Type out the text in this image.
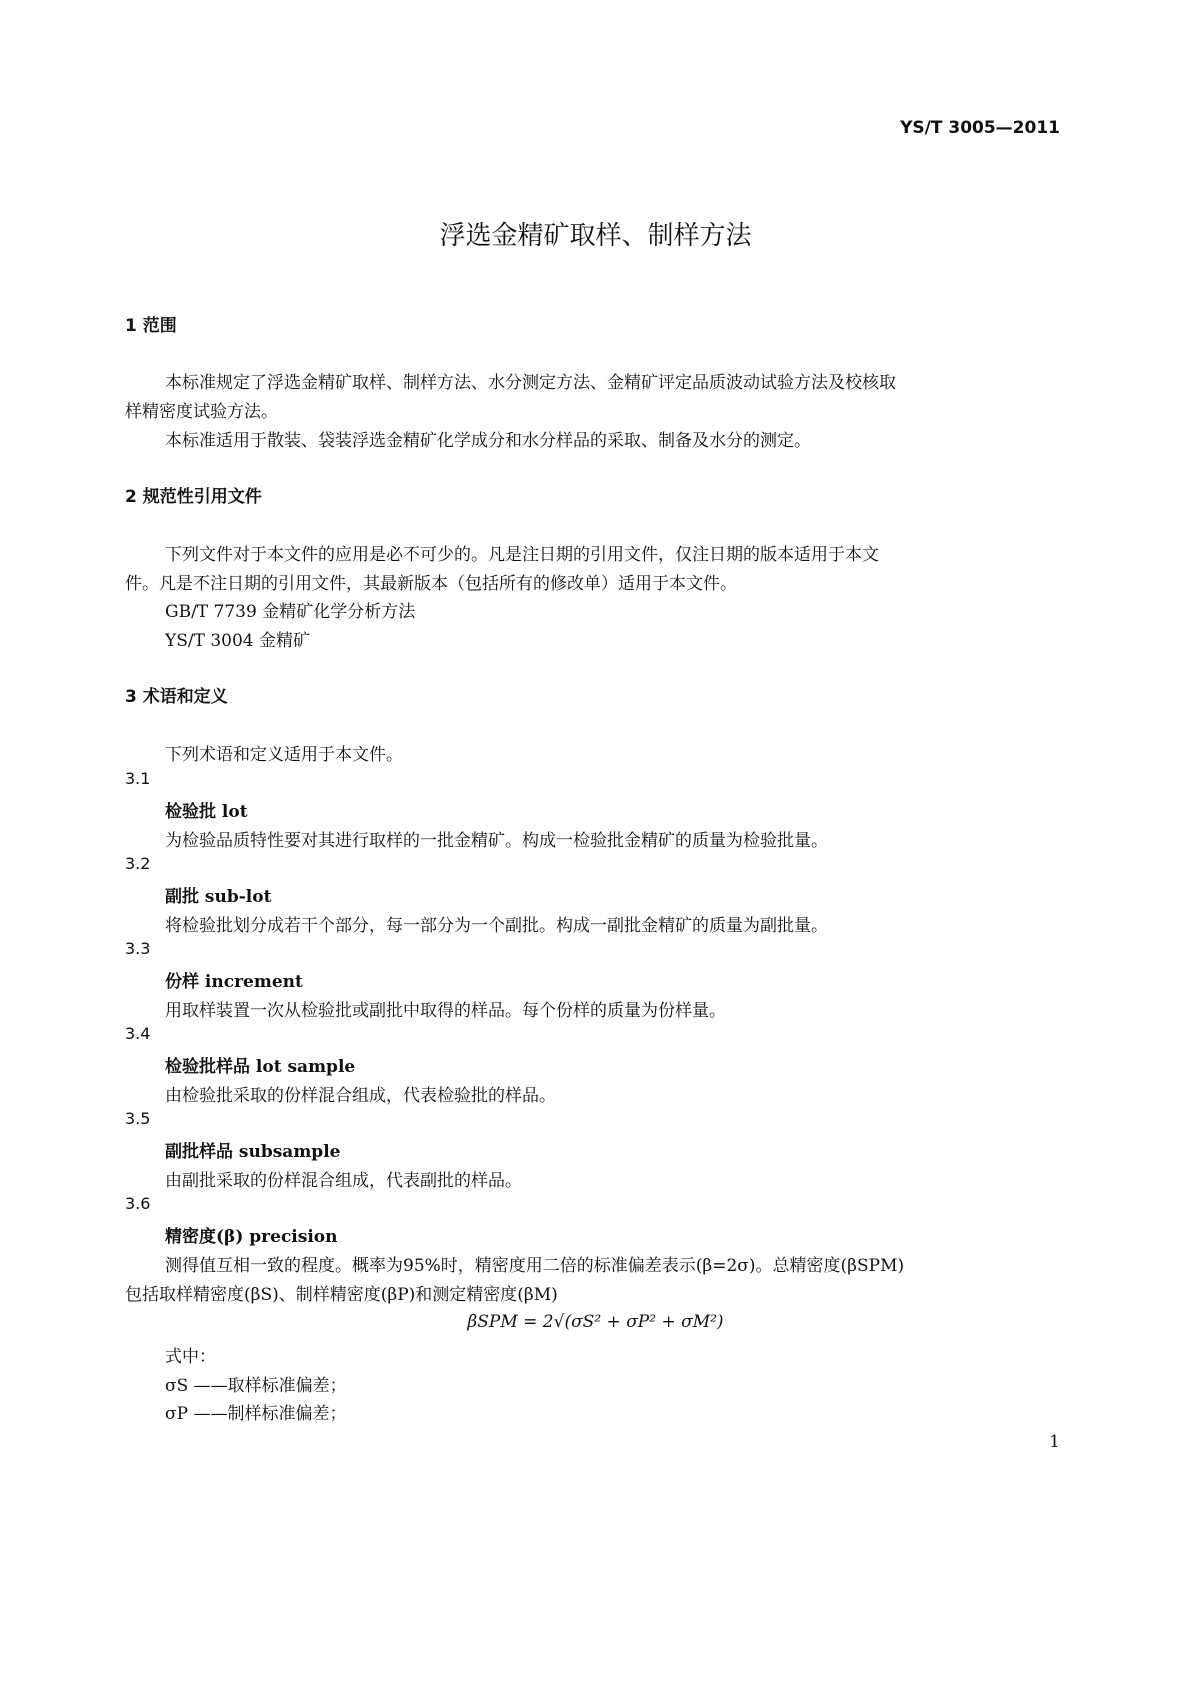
YS/T 3005—2011
浮选金精矿取样、制样方法
1 范围
本标准规定了浮选金精矿取样、制样方法、水分测定方法、金精矿评定品质波动试验方法及校核取
样精密度试验方法。
本标准适用于散装、袋装浮选金精矿化学成分和水分样品的采取、制备及水分的测定。
2 规范性引用文件
下列文件对于本文件的应用是必不可少的。凡是注日期的引用文件，仅注日期的版本适用于本文
件。凡是不注日期的引用文件，其最新版本（包括所有的修改单）适用于本文件。
GB/T 7739 金精矿化学分析方法
YS/T 3004 金精矿
3 术语和定义
下列术语和定义适用于本文件。
3.1
检验批 lot
为检验品质特性要对其进行取样的一批金精矿。构成一检验批金精矿的质量为检验批量。
3.2
副批 sub-lot
将检验批划分成若干个部分，每一部分为一个副批。构成一副批金精矿的质量为副批量。
3.3
份样 increment
用取样装置一次从检验批或副批中取得的样品。每个份样的质量为份样量。
3.4
检验批样品 lot sample
由检验批采取的份样混合组成，代表检验批的样品。
3.5
副批样品 subsample
由副批采取的份样混合组成，代表副批的样品。
3.6
精密度(β) precision
测得值互相一致的程度。概率为95%时，精密度用二倍的标准偏差表示(β=2σ)。总精密度(βSPM)
包括取样精密度(βS)、制样精密度(βP)和测定精密度(βM)
βSPM = 2√(σS² + σP² + σM²)
式中：
σS ——取样标准偏差；
σP ——制样标准偏差；
1
